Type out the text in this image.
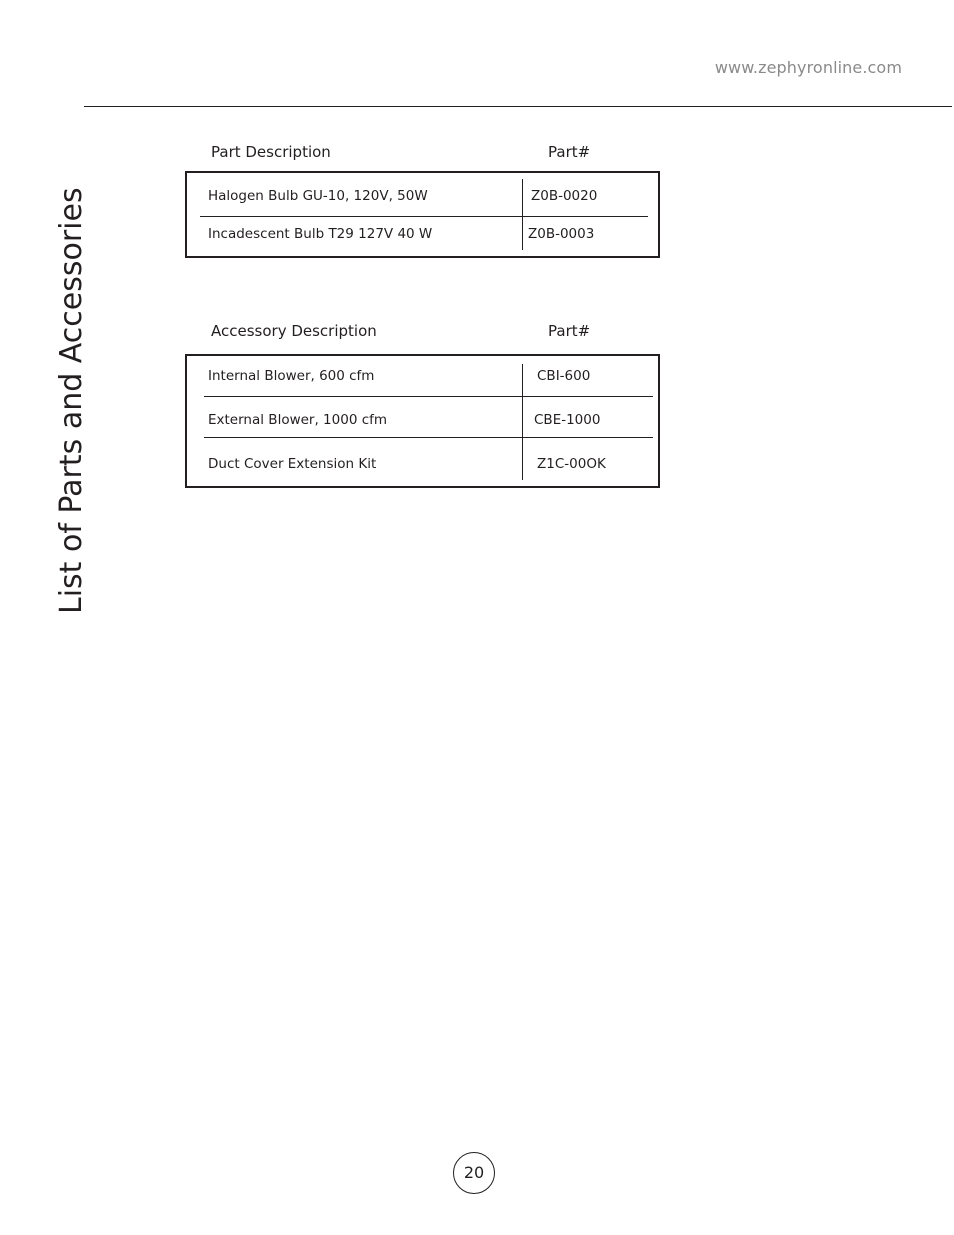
www.zephyronline.com
List of Parts and Accessories
Part Description	Part#
Halogen Bulb GU-10, 120V, 50W	Z0B-0020
Incadescent Bulb T29 127V 40 W	Z0B-0003
Accessory Description	Part#
Internal Blower, 600 cfm	CBI-600
External Blower, 1000 cfm	CBE-1000
Duct Cover Extension Kit	Z1C-00OK
20
